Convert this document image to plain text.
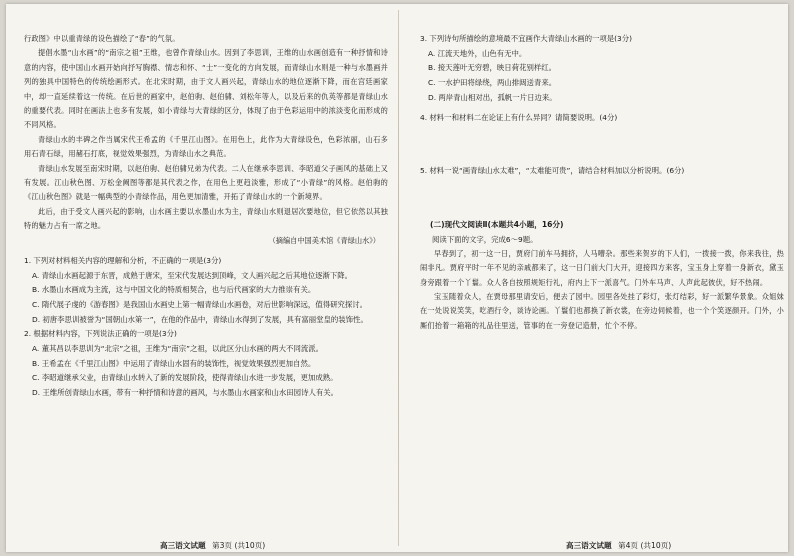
行政图》中以重青绿的设色描绘了“春”的气氛。

提倡水墨“山水画”的“南宗之祖”王维，也曾作青绿山水。因到了李思训，王维的山水画创造有一种抒情和诗意的内容，使中国山水画开始向抒写胸襟、情志和怀、“士”一变化的方向发展，而青绿山水则是一种与水墨画并列的独具中国特色的传统绘画形式。在北宋时期，由于文人画兴起，青绿山水的地位逐渐下降，而在宫廷画家中，却一直延续着这一传统。在后世的画家中，赵伯驹、赵伯骕、刘松年等人，以及后来的仇英等都是青绿山水的重要代表。同时在画法上也多有发展，如小青绿与大青绿的区分，体现了由于色彩运用中的浓淡变化而形成的不同风格。

青绿山水的丰碑之作当属宋代王希孟的《千里江山图》。在用色上，此作为大青绿设色，色彩浓丽，山石多用石青石绿，用赭石打底，视觉效果强烈，为青绿山水之典范。

青绿山水发展至南宋时期，以赵伯驹、赵伯骕兄弟为代表。二人在继承李思训、李昭道父子画风的基础上又有发展。江山秋色图、万松金阙图等都是其代表之作，在用色上更趋淡雅，形成了“小青绿”的风格。赵伯驹的《江山秋色图》就是一幅典型的小青绿作品，用色更加清雅，开拓了青绿山水的一个新境界。

此后，由于受文人画兴起的影响，山水画主要以水墨山水为主，青绿山水则退居次要地位，但它依然以其独特的魅力占有一席之地。

（摘编自中国美术馆《青绿山水》）

1. 下列对材料相关内容的理解和分析，不正确的一项是(3分)

A. 青绿山水画起源于东晋，成熟于唐宋，至宋代发展达到顶峰，文人画兴起之后其地位逐渐下降。

B. 水墨山水画成为主流，这与中国文化的特质相契合，也与后代画家的大力推崇有关。

C. 隋代展子虔的《游春图》是我国山水画史上第一幅青绿山水画卷，对后世影响深远，值得研究探讨。

D. 初唐李思训被誉为“国朝山水第一”，在他的作品中，青绿山水得到了发展，具有富丽堂皇的装饰性。

2. 根据材料内容，下列说法正确的一项是(3分)

A. 董其昌以李思训为“北宗”之祖，王维为“南宗”之祖，以此区分山水画的两大不同流派。

B. 王希孟在《千里江山图》中运用了青绿山水固有的装饰性，视觉效果强烈更加自然。

C. 李昭道继承父业，由青绿山水转入了新的发展阶段，使得青绿山水进一步发展，更加成熟。

D. 王维所创青绿山水画，带有一种抒情和诗意的画风，与水墨山水画家和山水田园诗人有关。

3. 下列诗句所描绘的意境最不宜画作大青绿山水画的一项是(3分)

A. 江流天地外，山色有无中。

B. 接天莲叶无穷碧，映日荷花别样红。

C. 一水护田将绿绕，两山排闼送青来。

D. 两岸青山相对出，孤帆一片日边来。

4. 材料一和材料二在论证上有什么异同？请简要说明。(4分)

5. 材料一说“画青绿山水太难”，“太难能可贵”，请结合材料加以分析说明。(6分)

(二)现代文阅读Ⅱ(本题共4小题，16分)

阅读下面的文字，完成6～9题。

早春到了，初一这一日，贾府门前车马拥挤，人马嘈杂。那些来贺岁的下人们，一拨接一拨，你来我往，热闹非凡。贾府平时一年不见的亲戚都来了，这一日门前大门大开，迎接四方来客，宝玉身上穿着一身新衣，黛玉身旁跟着一个丫鬟。众人各自按照规矩行礼，府内上下一派喜气。门外车马声、人声此起彼伏，好不热闹。

宝玉随着众人，在贾母那里请安后，便去了园中。园里各处挂了彩灯，张灯结彩，好一派繁华景象。众姐妹在一处说说笑笑，吃酒行令，谈诗论画。丫鬟们也都换了新衣裳，在旁边伺候着，也一个个笑逐颜开。门外，小厮们抬着一箱箱的礼品往里送，管事的在一旁登记造册，忙个不停。

高三语文试题 第3页 (共10页)	高三语文试题 第4页 (共10页)
